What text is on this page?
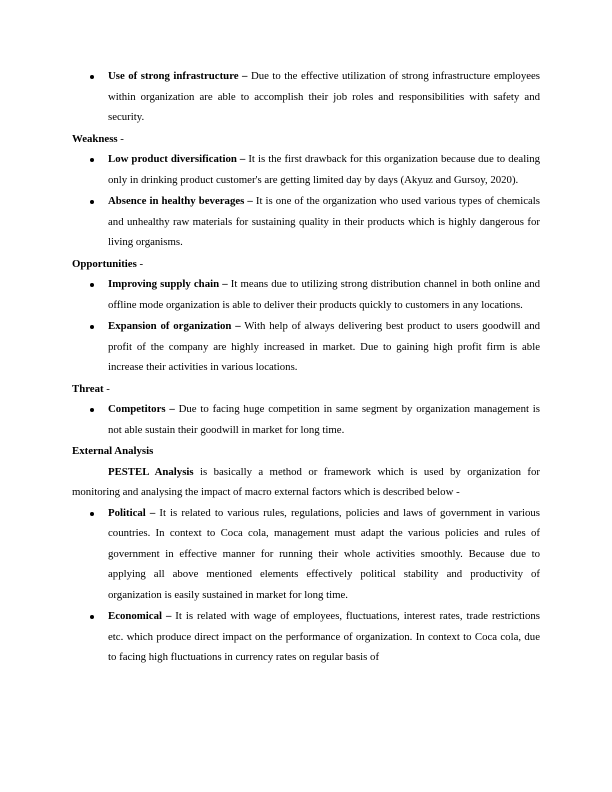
Use of strong infrastructure – Due to the effective utilization of strong infrastructure employees within organization are able to accomplish their job roles and responsibilities with safety and security.

Weakness -

Low product diversification – It is the first drawback for this organization because due to dealing only in drinking product customer's are getting limited day by days (Akyuz and Gursoy, 2020).
Absence in healthy beverages – It is one of the organization who used various types of chemicals and unhealthy raw materials for sustaining quality in their products which is highly dangerous for living organisms.

Opportunities -

Improving supply chain – It means due to utilizing strong distribution channel in both online and offline mode organization is able to deliver their products quickly to customers in any locations.
Expansion of organization – With help of always delivering best product to users goodwill and profit of the company are highly increased in market. Due to gaining high profit firm is able increase their activities in various locations.

Threat -

Competitors – Due to facing huge competition in same segment by organization management is not able sustain their goodwill in market for long time.

External Analysis

PESTEL Analysis is basically a method or framework which is used by organization for monitoring and analysing the impact of macro external factors which is described below -

Political – It is related to various rules, regulations, policies and laws of government in various countries. In context to Coca cola, management must adapt the various policies and rules of government in effective manner for running their whole activities smoothly. Because due to applying all above mentioned elements effectively political stability and productivity of organization is easily sustained in market for long time.
Economical – It is related with wage of employees, fluctuations, interest rates, trade restrictions etc. which produce direct impact on the performance of organization. In context to Coca cola, due to facing high fluctuations in currency rates on regular basis of
